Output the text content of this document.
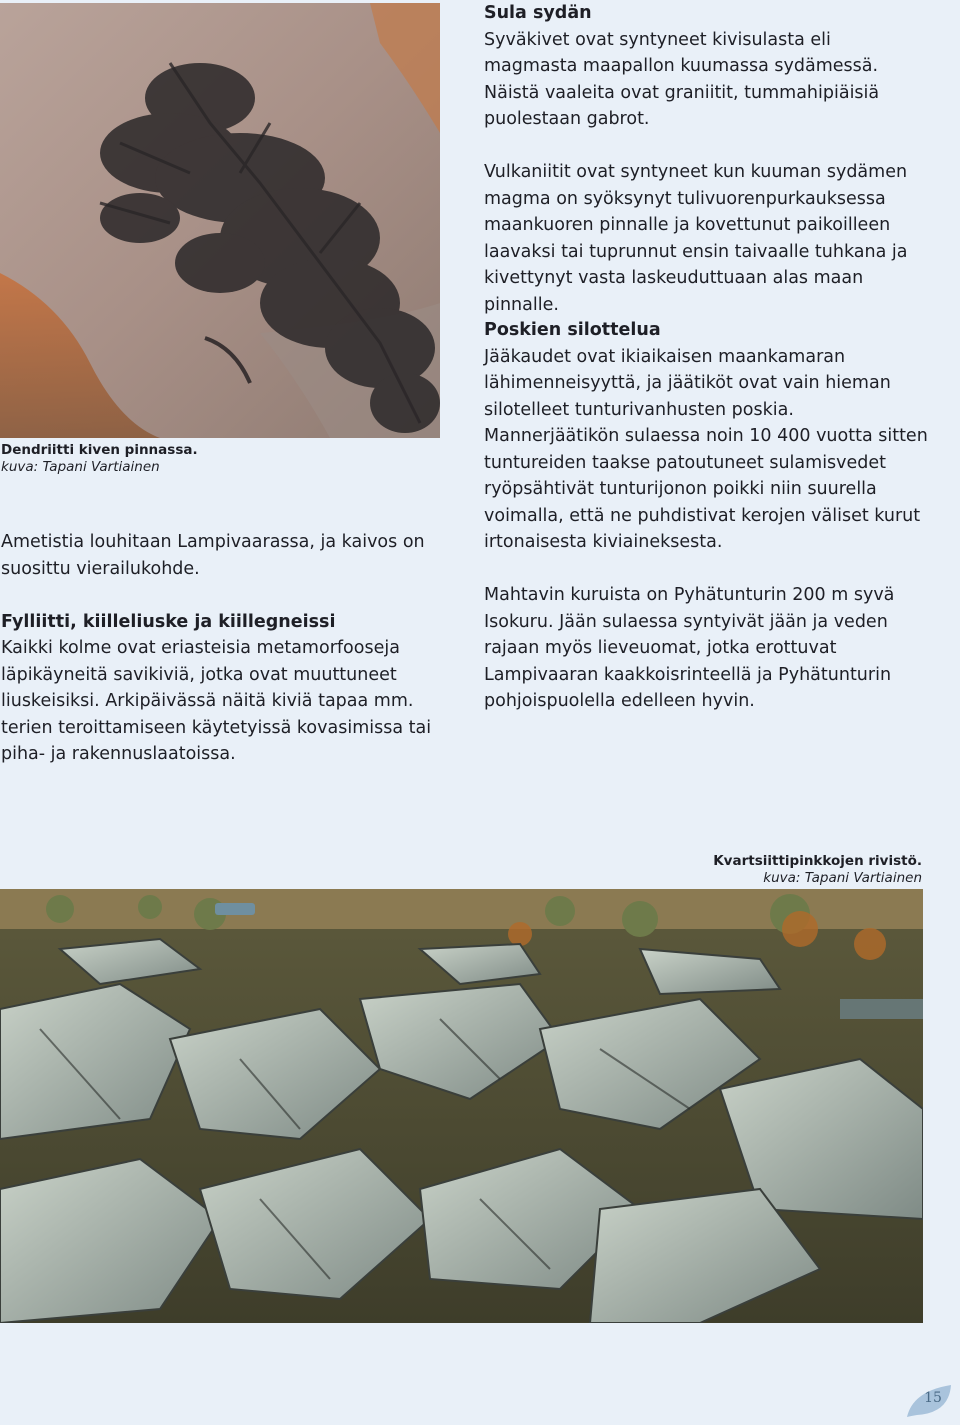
Dendriitti kiven pinnassa.
kuva: Tapani Vartiainen
Sula sydän

Syväkivet ovat syntyneet kivisulasta eli magmasta maapallon kuumassa sydämessä. Näistä vaaleita ovat graniitit, tummahipiäisiä puolestaan gabrot.

Vulkaniitit ovat syntyneet kun kuuman sydämen magma on syöksynyt tulivuorenpurkauksessa maankuoren pinnalle ja kovettunut paikoilleen laavaksi tai tuprunnut ensin taivaalle tuhkana ja kivettynyt vasta laskeuduttuaan alas maan pinnalle.

Poskien silottelua

Jääkaudet ovat ikiaikaisen maankamaran lähimenneisyyttä, ja jäätiköt ovat vain hieman silotelleet tunturivanhusten poskia. Mannerjäätikön sulaessa noin 10 400 vuotta sitten tuntureiden taakse patoutuneet sulamisvedet ryöpsähtivät tunturijonon poikki niin suurella voimalla, että ne puhdistivat kerojen väliset kurut irtonaisesta kiviaineksesta.

Mahtavin kuruista on Pyhätunturin 200 m syvä Isokuru. Jään sulaessa syntyivät jään ja veden rajaan myös lieveuomat, jotka erottuvat Lampivaaran kaakkoisrinteellä ja Pyhätunturin pohjoispuolella edelleen hyvin.

Ametistia louhitaan Lampivaarassa, ja kaivos on suosittu vierailukohde.

Fylliitti, kiilleliuske ja kiillegneissi

Kaikki kolme ovat eriasteisia metamorfooseja läpikäyneitä savikiviä, jotka ovat muuttuneet liuskeisiksi. Arkipäivässä näitä kiviä tapaa mm. terien teroittamiseen käytetyissä kovasimissa tai piha- ja rakennuslaatoissa.

Kvartsiittipinkkojen rivistö.
kuva: Tapani Vartiainen
15
